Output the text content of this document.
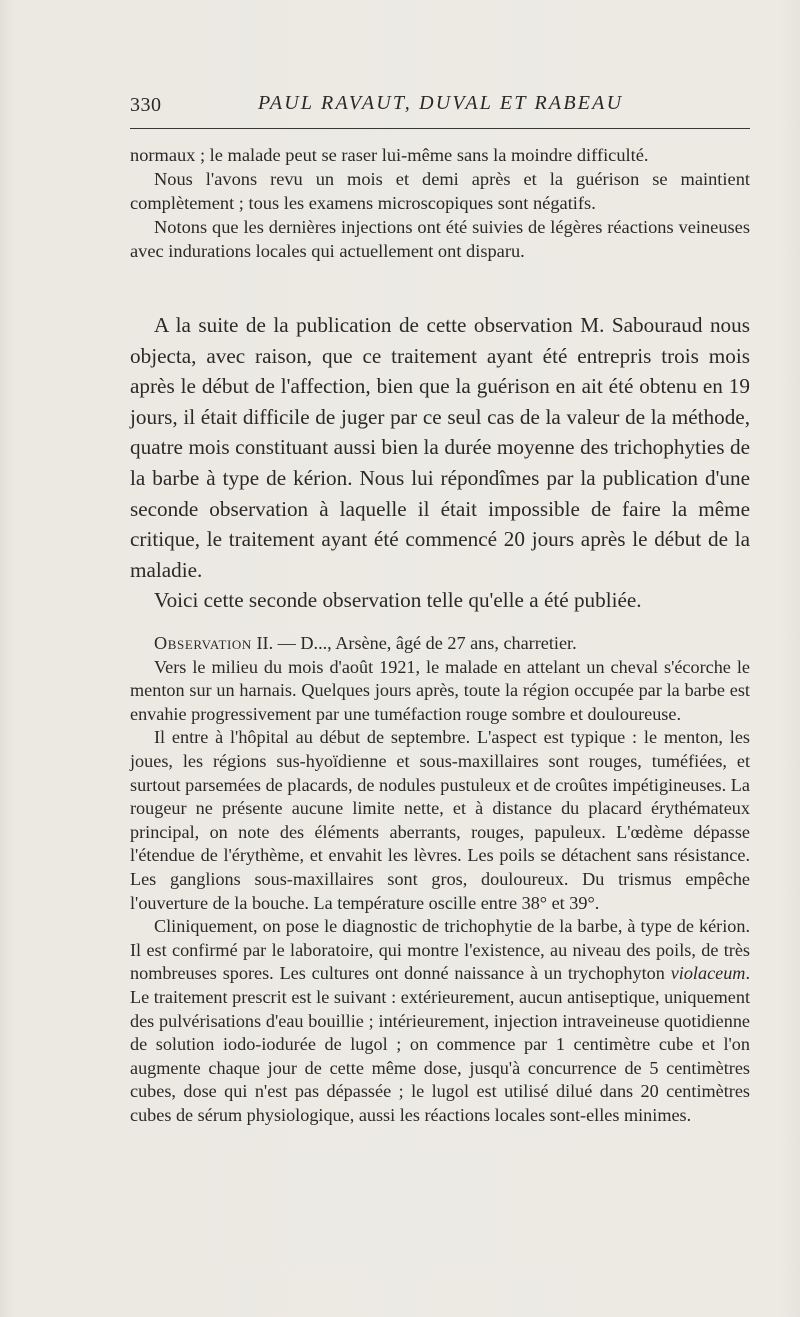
330	PAUL RAVAUT, DUVAL ET RABEAU

normaux ; le malade peut se raser lui-même sans la moindre difficulté.

Nous l'avons revu un mois et demi après et la guérison se maintient complètement ; tous les examens microscopiques sont négatifs.

Notons que les dernières injections ont été suivies de légères réactions veineuses avec indurations locales qui actuellement ont disparu.

A la suite de la publication de cette observation M. Sabouraud nous objecta, avec raison, que ce traitement ayant été entrepris trois mois après le début de l'affection, bien que la guérison en ait été obtenu en 19 jours, il était difficile de juger par ce seul cas de la valeur de la méthode, quatre mois constituant aussi bien la durée moyenne des trichophyties de la barbe à type de kérion. Nous lui répondîmes par la publication d'une seconde observation à laquelle il était impossible de faire la même critique, le traitement ayant été commencé 20 jours après le début de la maladie.

Voici cette seconde observation telle qu'elle a été publiée.

Observation II. — D..., Arsène, âgé de 27 ans, charretier.

Vers le milieu du mois d'août 1921, le malade en attelant un cheval s'écorche le menton sur un harnais. Quelques jours après, toute la région occupée par la barbe est envahie progressivement par une tuméfaction rouge sombre et douloureuse.

Il entre à l'hôpital au début de septembre. L'aspect est typique : le menton, les joues, les régions sus-hyoïdienne et sous-maxillaires sont rouges, tuméfiées, et surtout parsemées de placards, de nodules pustuleux et de croûtes impétigineuses. La rougeur ne présente aucune limite nette, et à distance du placard érythémateux principal, on note des éléments aberrants, rouges, papuleux. L'œdème dépasse l'étendue de l'érythème, et envahit les lèvres. Les poils se détachent sans résistance. Les ganglions sous-maxillaires sont gros, douloureux. Du trismus empêche l'ouverture de la bouche. La température oscille entre 38° et 39°.

Cliniquement, on pose le diagnostic de trichophytie de la barbe, à type de kérion. Il est confirmé par le laboratoire, qui montre l'existence, au niveau des poils, de très nombreuses spores. Les cultures ont donné naissance à un trychophyton violaceum. Le traitement prescrit est le suivant : extérieurement, aucun antiseptique, uniquement des pulvérisations d'eau bouillie ; intérieurement, injection intraveineuse quotidienne de solution iodo-iodurée de lugol ; on commence par 1 centimètre cube et l'on augmente chaque jour de cette même dose, jusqu'à concurrence de 5 centimètres cubes, dose qui n'est pas dépassée ; le lugol est utilisé dilué dans 20 centimètres cubes de sérum physiologique, aussi les réactions locales sont-elles minimes.
